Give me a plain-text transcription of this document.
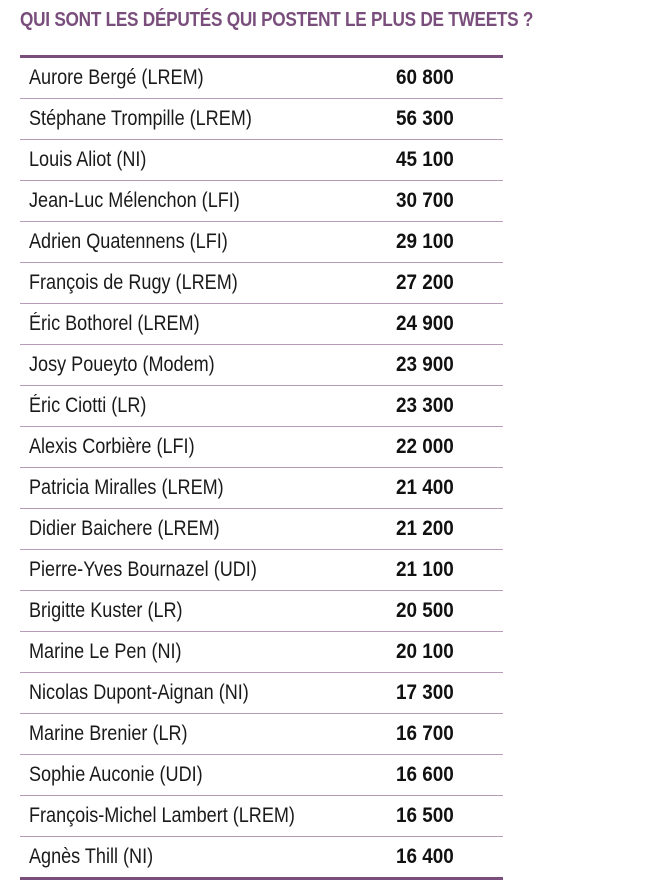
QUI SONT LES DÉPUTÉS QUI POSTENT LE PLUS DE TWEETS ?
Aurore Bergé (LREM)	60 800
Stéphane Trompille (LREM)	56 300
Louis Aliot (NI)	45 100
Jean-Luc Mélenchon (LFI)	30 700
Adrien Quatennens (LFI)	29 100
François de Rugy (LREM)	27 200
Éric Bothorel (LREM)	24 900
Josy Poueyto (Modem)	23 900
Éric Ciotti (LR)	23 300
Alexis Corbière (LFI)	22 000
Patricia Miralles (LREM)	21 400
Didier Baichere (LREM)	21 200
Pierre-Yves Bournazel (UDI)	21 100
Brigitte Kuster (LR)	20 500
Marine Le Pen (NI)	20 100
Nicolas Dupont-Aignan (NI)	17 300
Marine Brenier (LR)	16 700
Sophie Auconie (UDI)	16 600
François-Michel Lambert (LREM)	16 500
Agnès Thill (NI)	16 400
